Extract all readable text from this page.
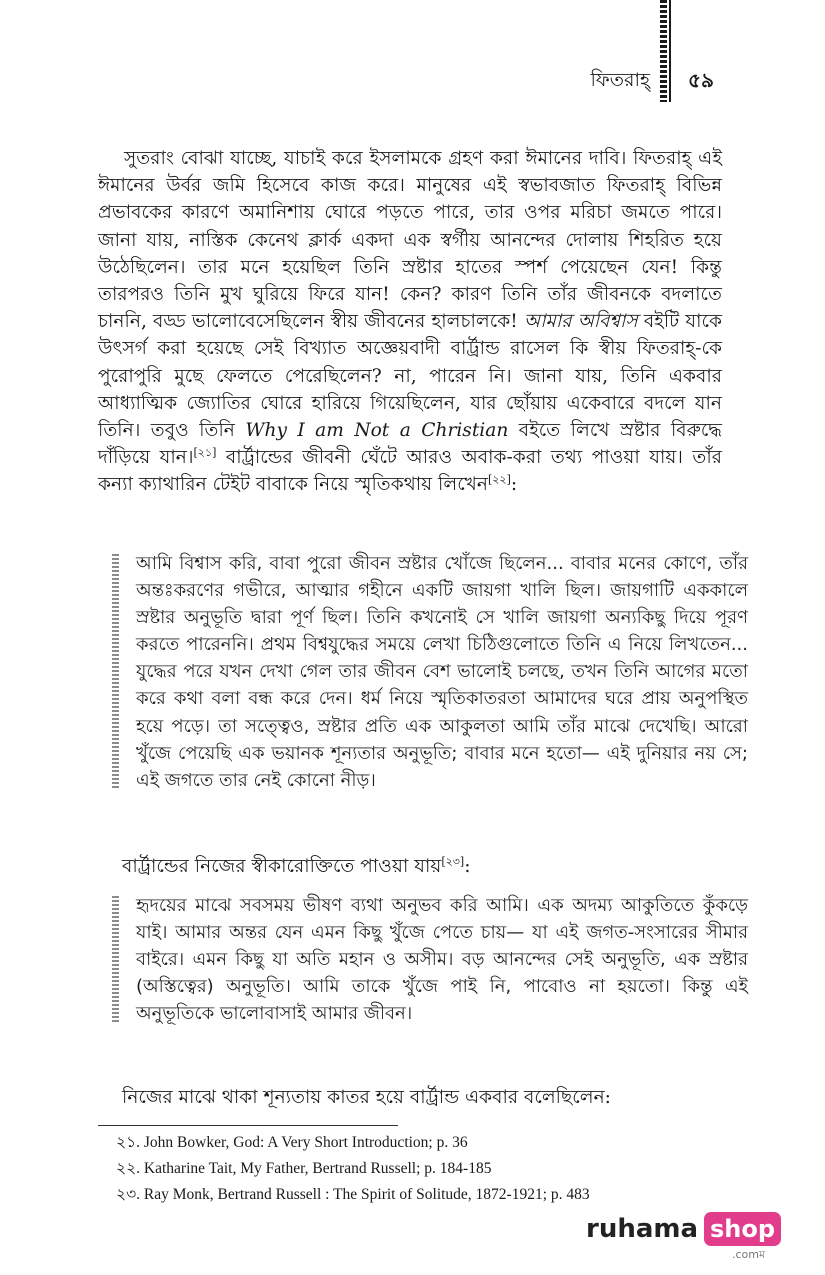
ফিতরাহ্ ৫৯

সুতরাং বোঝা যাচ্ছে, যাচাই করে ইসলামকে গ্রহণ করা ঈমানের দাবি। ফিতরাহ্ এই ঈমানের উর্বর জমি হিসেবে কাজ করে। মানুষের এই স্বভাবজাত ফিতরাহ্ বিভিন্ন প্রভাবকের কারণে অমানিশায় ঘোরে পড়তে পারে, তার ওপর মরিচা জমতে পারে। জানা যায়, নাস্তিক কেনেথ ক্লার্ক একদা এক স্বর্গীয় আনন্দের দোলায় শিহরিত হয়ে উঠেছিলেন। তার মনে হয়েছিল তিনি স্রষ্টার হাতের স্পর্শ পেয়েছেন যেন! কিন্তু তারপরও তিনি মুখ ঘুরিয়ে ফিরে যান! কেন? কারণ তিনি তাঁর জীবনকে বদলাতে চাননি, বড্ড ভালোবেসেছিলেন স্বীয় জীবনের হালচালকে! আমার অবিশ্বাস বইটি যাকে উৎসর্গ করা হয়েছে সেই বিখ্যাত অজ্ঞেয়বাদী বার্ট্রান্ড রাসেল কি স্বীয় ফিতরাহ্-কে পুরোপুরি মুছে ফেলতে পেরেছিলেন? না, পারেন নি। জানা যায়, তিনি একবার আধ্যাত্মিক জ্যোতির ঘোরে হারিয়ে গিয়েছিলেন, যার ছোঁয়ায় একেবারে বদলে যান তিনি। তবুও তিনি Why I am Not a Christian বইতে লিখে স্রষ্টার বিরুদ্ধে দাঁড়িয়ে যান।[২১] বার্ট্রান্ডের জীবনী ঘেঁটে আরও অবাক-করা তথ্য পাওয়া যায়। তাঁর কন্যা ক্যাথারিন টেইট বাবাকে নিয়ে স্মৃতিকথায় লিখেন[২২]:

আমি বিশ্বাস করি, বাবা পুরো জীবন স্রষ্টার খোঁজে ছিলেন... বাবার মনের কোণে, তাঁর অন্তঃকরণের গভীরে, আত্মার গহীনে একটি জায়গা খালি ছিল। জায়গাটি এককালে স্রষ্টার অনুভূতি দ্বারা পূর্ণ ছিল। তিনি কখনোই সে খালি জায়গা অন্যকিছু দিয়ে পূরণ করতে পারেননি। প্রথম বিশ্বযুদ্ধের সময়ে লেখা চিঠিগুলোতে তিনি এ নিয়ে লিখতেন... যুদ্ধের পরে যখন দেখা গেল তার জীবন বেশ ভালোই চলছে, তখন তিনি আগের মতো করে কথা বলা বন্ধ করে দেন। ধর্ম নিয়ে স্মৃতিকাতরতা আমাদের ঘরে প্রায় অনুপস্থিত হয়ে পড়ে। তা সত্ত্বেও, স্রষ্টার প্রতি এক আকুলতা আমি তাঁর মাঝে দেখেছি। আরো খুঁজে পেয়েছি এক ভয়ানক শূন্যতার অনুভূতি; বাবার মনে হতো— এই দুনিয়ার নয় সে; এই জগতে তার নেই কোনো নীড়।

বার্ট্রান্ডের নিজের স্বীকারোক্তিতে পাওয়া যায়[২৩]:

হৃদয়ের মাঝে সবসময় ভীষণ ব্যথা অনুভব করি আমি। এক অদম্য আকুতিতে কুঁকড়ে যাই। আমার অন্তর যেন এমন কিছু খুঁজে পেতে চায়— যা এই জগত-সংসারের সীমার বাইরে। এমন কিছু যা অতি মহান ও অসীম। বড় আনন্দের সেই অনুভূতি, এক স্রষ্টার (অস্তিত্বের) অনুভূতি। আমি তাকে খুঁজে পাই নি, পাবোও না হয়তো। কিন্তু এই অনুভূতিকে ভালোবাসাই আমার জীবন।

নিজের মাঝে থাকা শূন্যতায় কাতর হয়ে বার্ট্রান্ড একবার বলেছিলেন:

২১. John Bowker, God: A Very Short Introduction; p. 36
২২. Katharine Tait, My Father, Bertrand Russell; p. 184-185
২৩. Ray Monk, Bertrand Russell : The Spirit of Solitude, 1872-1921; p. 483
ruhama shop
.comম
